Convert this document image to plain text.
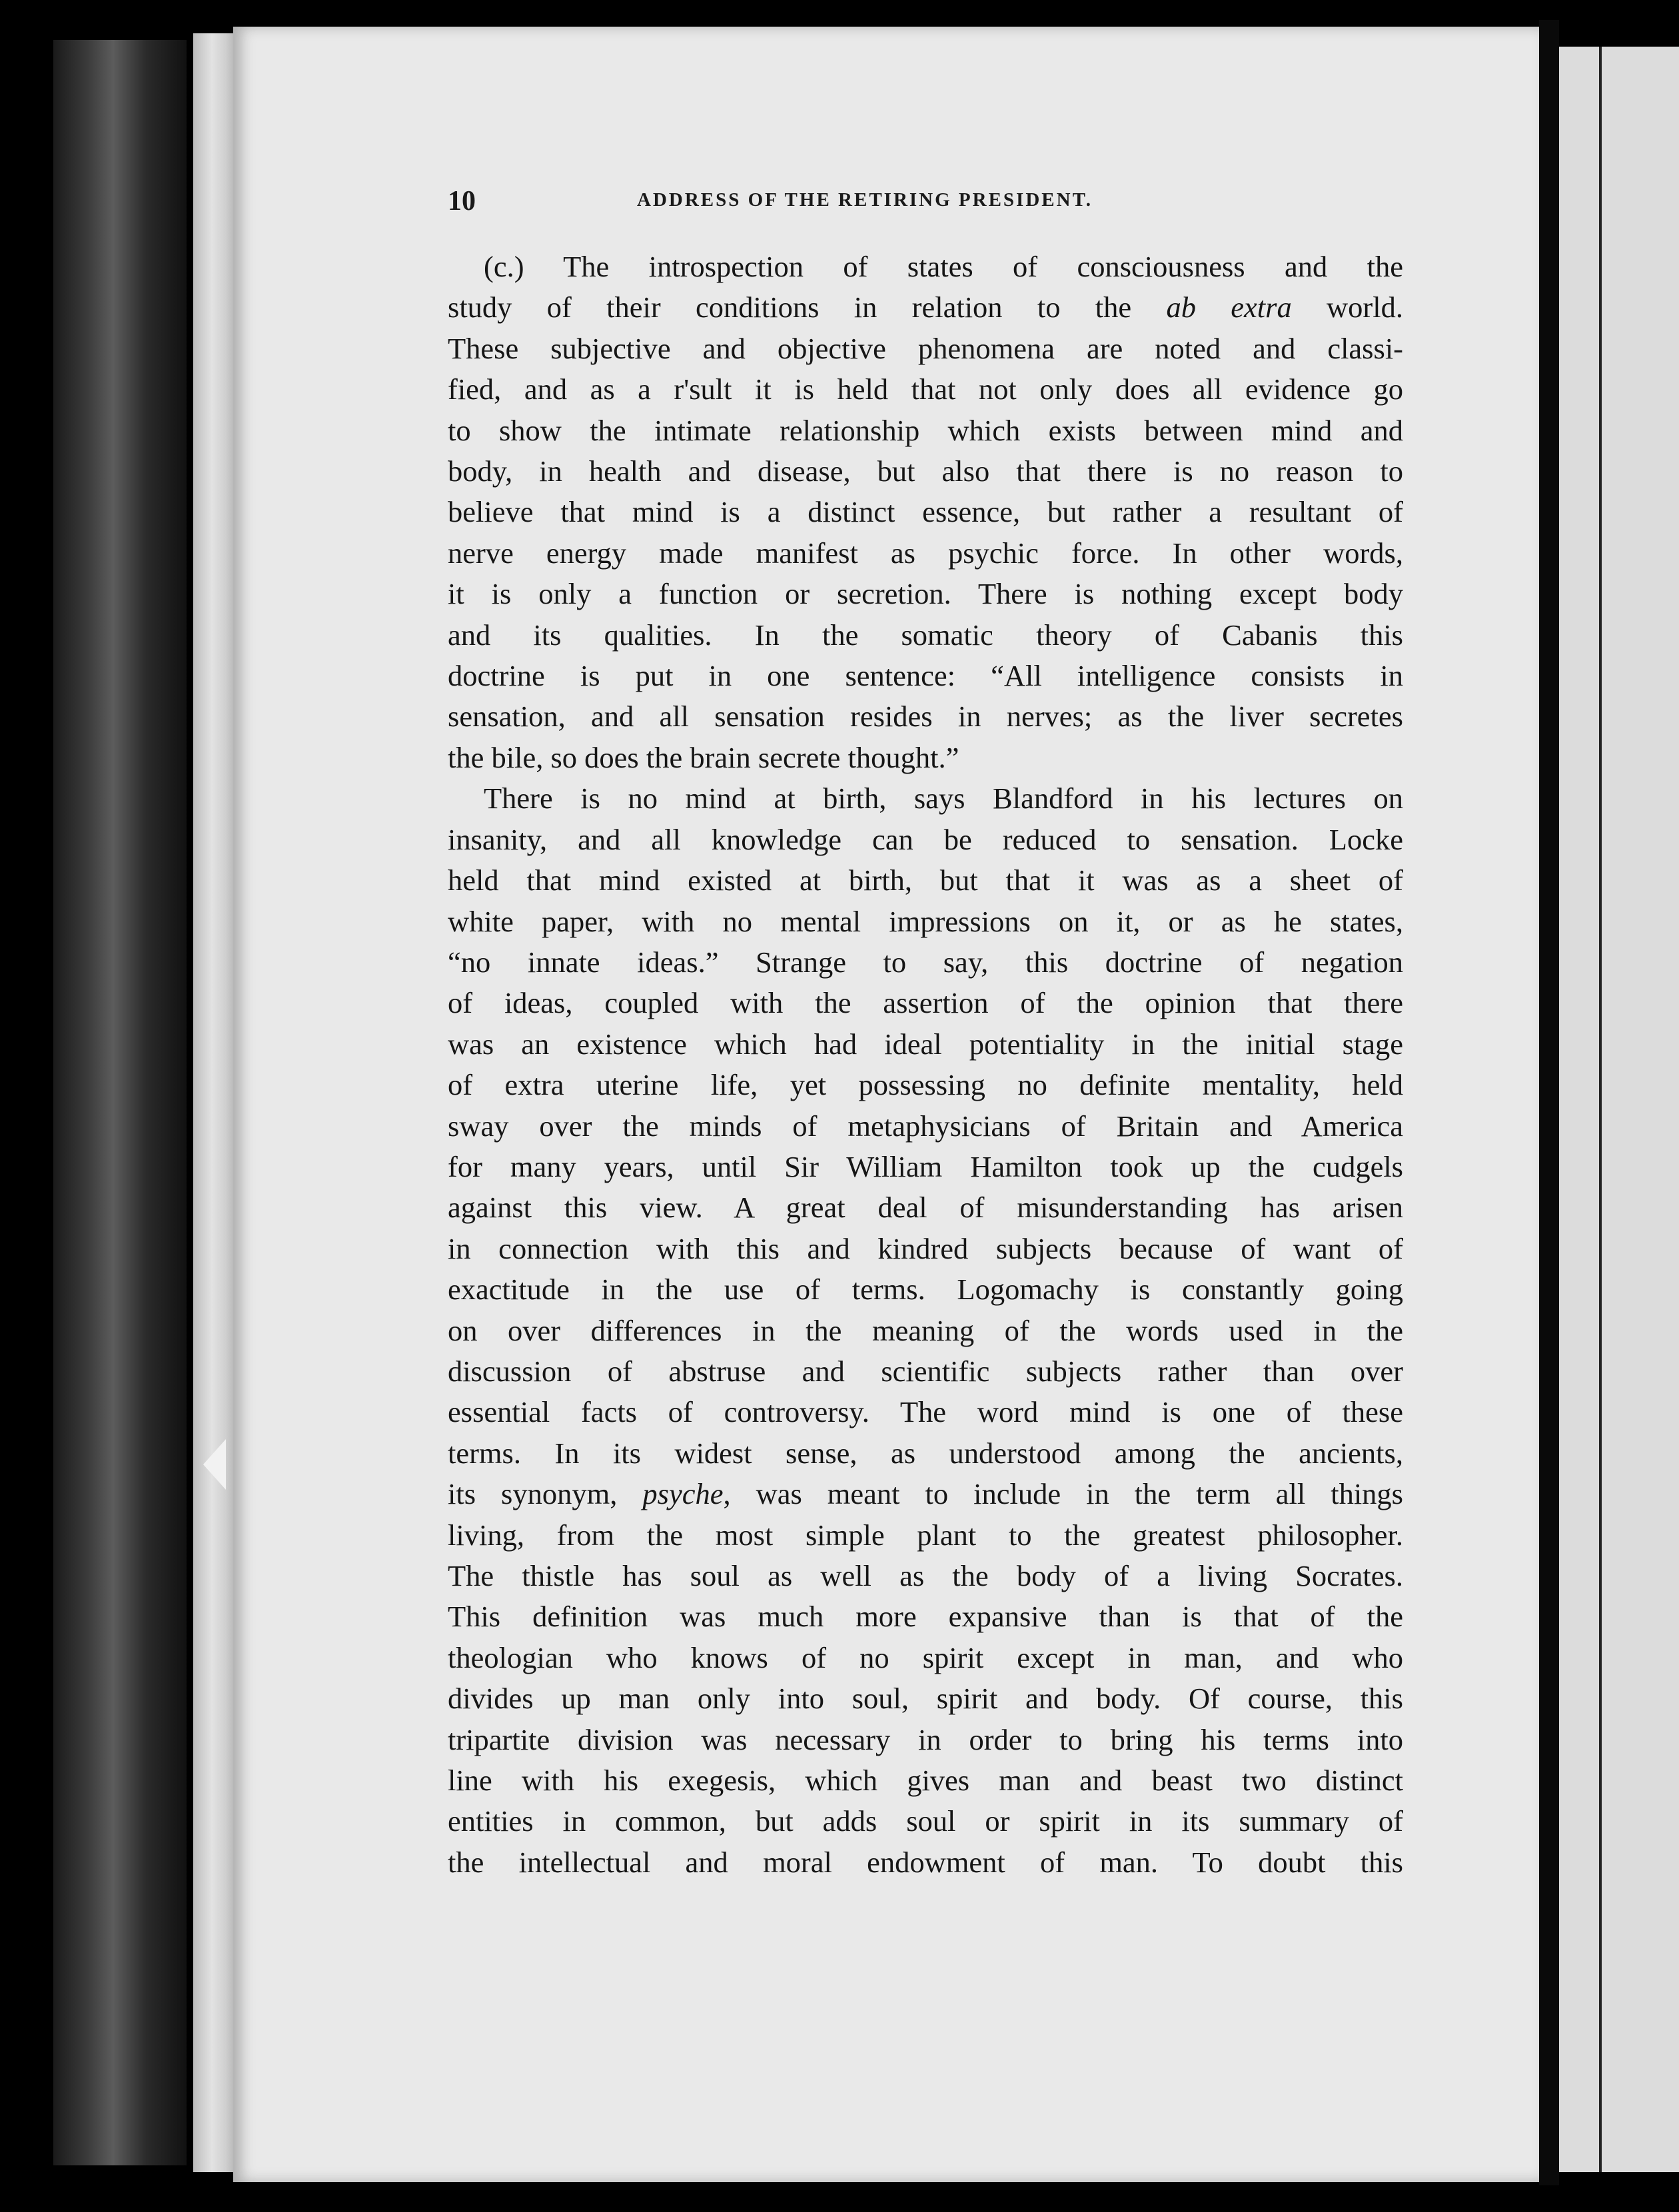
10	ADDRESS OF THE RETIRING PRESIDENT.
(c.) The introspection of states of consciousness and the
study of their conditions in relation to the ab extra world.
These subjective and objective phenomena are noted and classi-
fied, and as a r'sult it is held that not only does all evidence go
to show the intimate relationship which exists between mind and
body, in health and disease, but also that there is no reason to
believe that mind is a distinct essence, but rather a resultant of
nerve energy made manifest as psychic force. In other words,
it is only a function or secretion. There is nothing except body
and its qualities. In the somatic theory of Cabanis this
doctrine is put in one sentence: “All intelligence consists in
sensation, and all sensation resides in nerves; as the liver secretes
the bile, so does the brain secrete thought.”
There is no mind at birth, says Blandford in his lectures on
insanity, and all knowledge can be reduced to sensation. Locke
held that mind existed at birth, but that it was as a sheet of
white paper, with no mental impressions on it, or as he states,
“no innate ideas.” Strange to say, this doctrine of negation
of ideas, coupled with the assertion of the opinion that there
was an existence which had ideal potentiality in the initial stage
of extra uterine life, yet possessing no definite mentality, held
sway over the minds of metaphysicians of Britain and America
for many years, until Sir William Hamilton took up the cudgels
against this view. A great deal of misunderstanding has arisen
in connection with this and kindred subjects because of want of
exactitude in the use of terms. Logomachy is constantly going
on over differences in the meaning of the words used in the
discussion of abstruse and scientific subjects rather than over
essential facts of controversy. The word mind is one of these
terms. In its widest sense, as understood among the ancients,
its synonym, psyche, was meant to include in the term all things
living, from the most simple plant to the greatest philosopher.
The thistle has soul as well as the body of a living Socrates.
This definition was much more expansive than is that of the
theologian who knows of no spirit except in man, and who
divides up man only into soul, spirit and body. Of course, this
tripartite division was necessary in order to bring his terms into
line with his exegesis, which gives man and beast two distinct
entities in common, but adds soul or spirit in its summary of
the intellectual and moral endowment of man. To doubt this
